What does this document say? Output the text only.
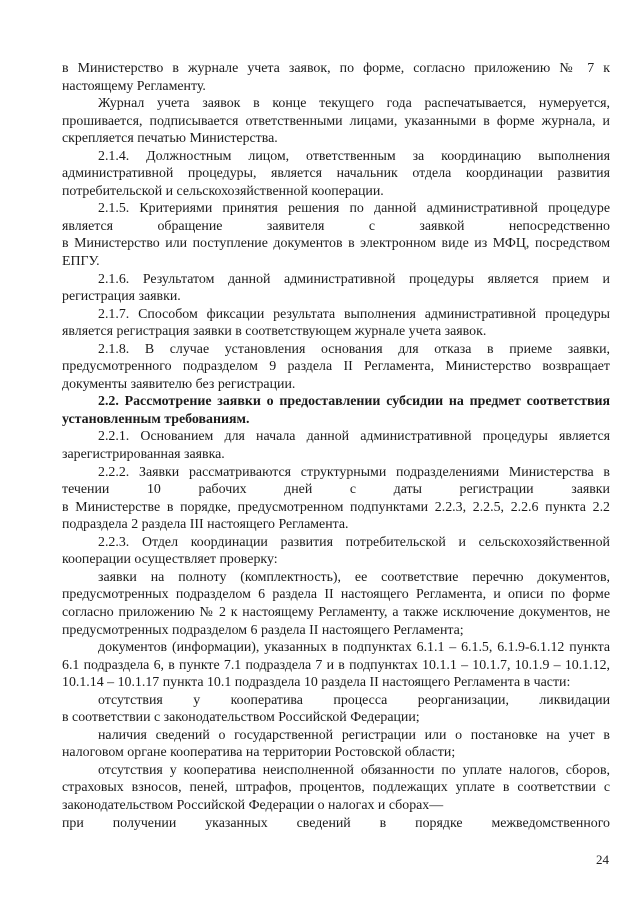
в Министерство в журнале учета заявок, по форме, согласно приложению № 7 к настоящему Регламенту.

Журнал учета заявок в конце текущего года распечатывается, нумеруется, прошивается, подписывается ответственными лицами, указанными в форме журнала, и скрепляется печатью Министерства.

2.1.4. Должностным лицом, ответственным за координацию выполнения административной процедуры, является начальник отдела координации развития потребительской и сельскохозяйственной кооперации.

2.1.5. Критериями принятия решения по данной административной процедуре является обращение заявителя с заявкой непосредственно

в Министерство или поступление документов в электронном виде из МФЦ, посредством ЕПГУ.

2.1.6. Результатом данной административной процедуры является прием и регистрация заявки.

2.1.7. Способом фиксации результата выполнения административной процедуры является регистрация заявки в соответствующем журнале учета заявок.

2.1.8. В случае установления основания для отказа в приеме заявки, предусмотренного подразделом 9 раздела II Регламента, Министерство возвращает документы заявителю без регистрации.

2.2. Рассмотрение заявки о предоставлении субсидии на предмет соответствия установленным требованиям.

2.2.1. Основанием для начала данной административной процедуры является зарегистрированная заявка.

2.2.2. Заявки рассматриваются структурными подразделениями Министерства в течении 10 рабочих дней с даты регистрации заявки

в Министерстве в порядке, предусмотренном подпунктами 2.2.3, 2.2.5, 2.2.6 пункта 2.2 подраздела 2 раздела III настоящего Регламента.

2.2.3. Отдел координации развития потребительской и сельскохозяйственной кооперации осуществляет проверку:

заявки на полноту (комплектность), ее соответствие перечню документов, предусмотренных подразделом 6 раздела II настоящего Регламента, и описи по форме согласно приложению № 2 к настоящему Регламенту, а также исключение документов, не предусмотренных подразделом 6 раздела II настоящего Регламента;

документов (информации), указанных в подпунктах 6.1.1 – 6.1.5, 6.1.9-6.1.12 пункта 6.1 подраздела 6, в пункте 7.1 подраздела 7 и в подпунктах 10.1.1 – 10.1.7, 10.1.9 – 10.1.12, 10.1.14 – 10.1.17 пункта 10.1 подраздела 10 раздела II настоящего Регламента в части:

отсутствия у кооператива процесса реорганизации, ликвидации

в соответствии с законодательством Российской Федерации;

наличия сведений о государственной регистрации или о постановке на учет в налоговом органе кооператива на территории Ростовской области;

отсутствия у кооператива неисполненной обязанности по уплате налогов, сборов, страховых взносов, пеней, штрафов, процентов, подлежащих уплате в соответствии с законодательством Российской Федерации о налогах и сборах—

при получении указанных сведений в порядке межведомственного

24
